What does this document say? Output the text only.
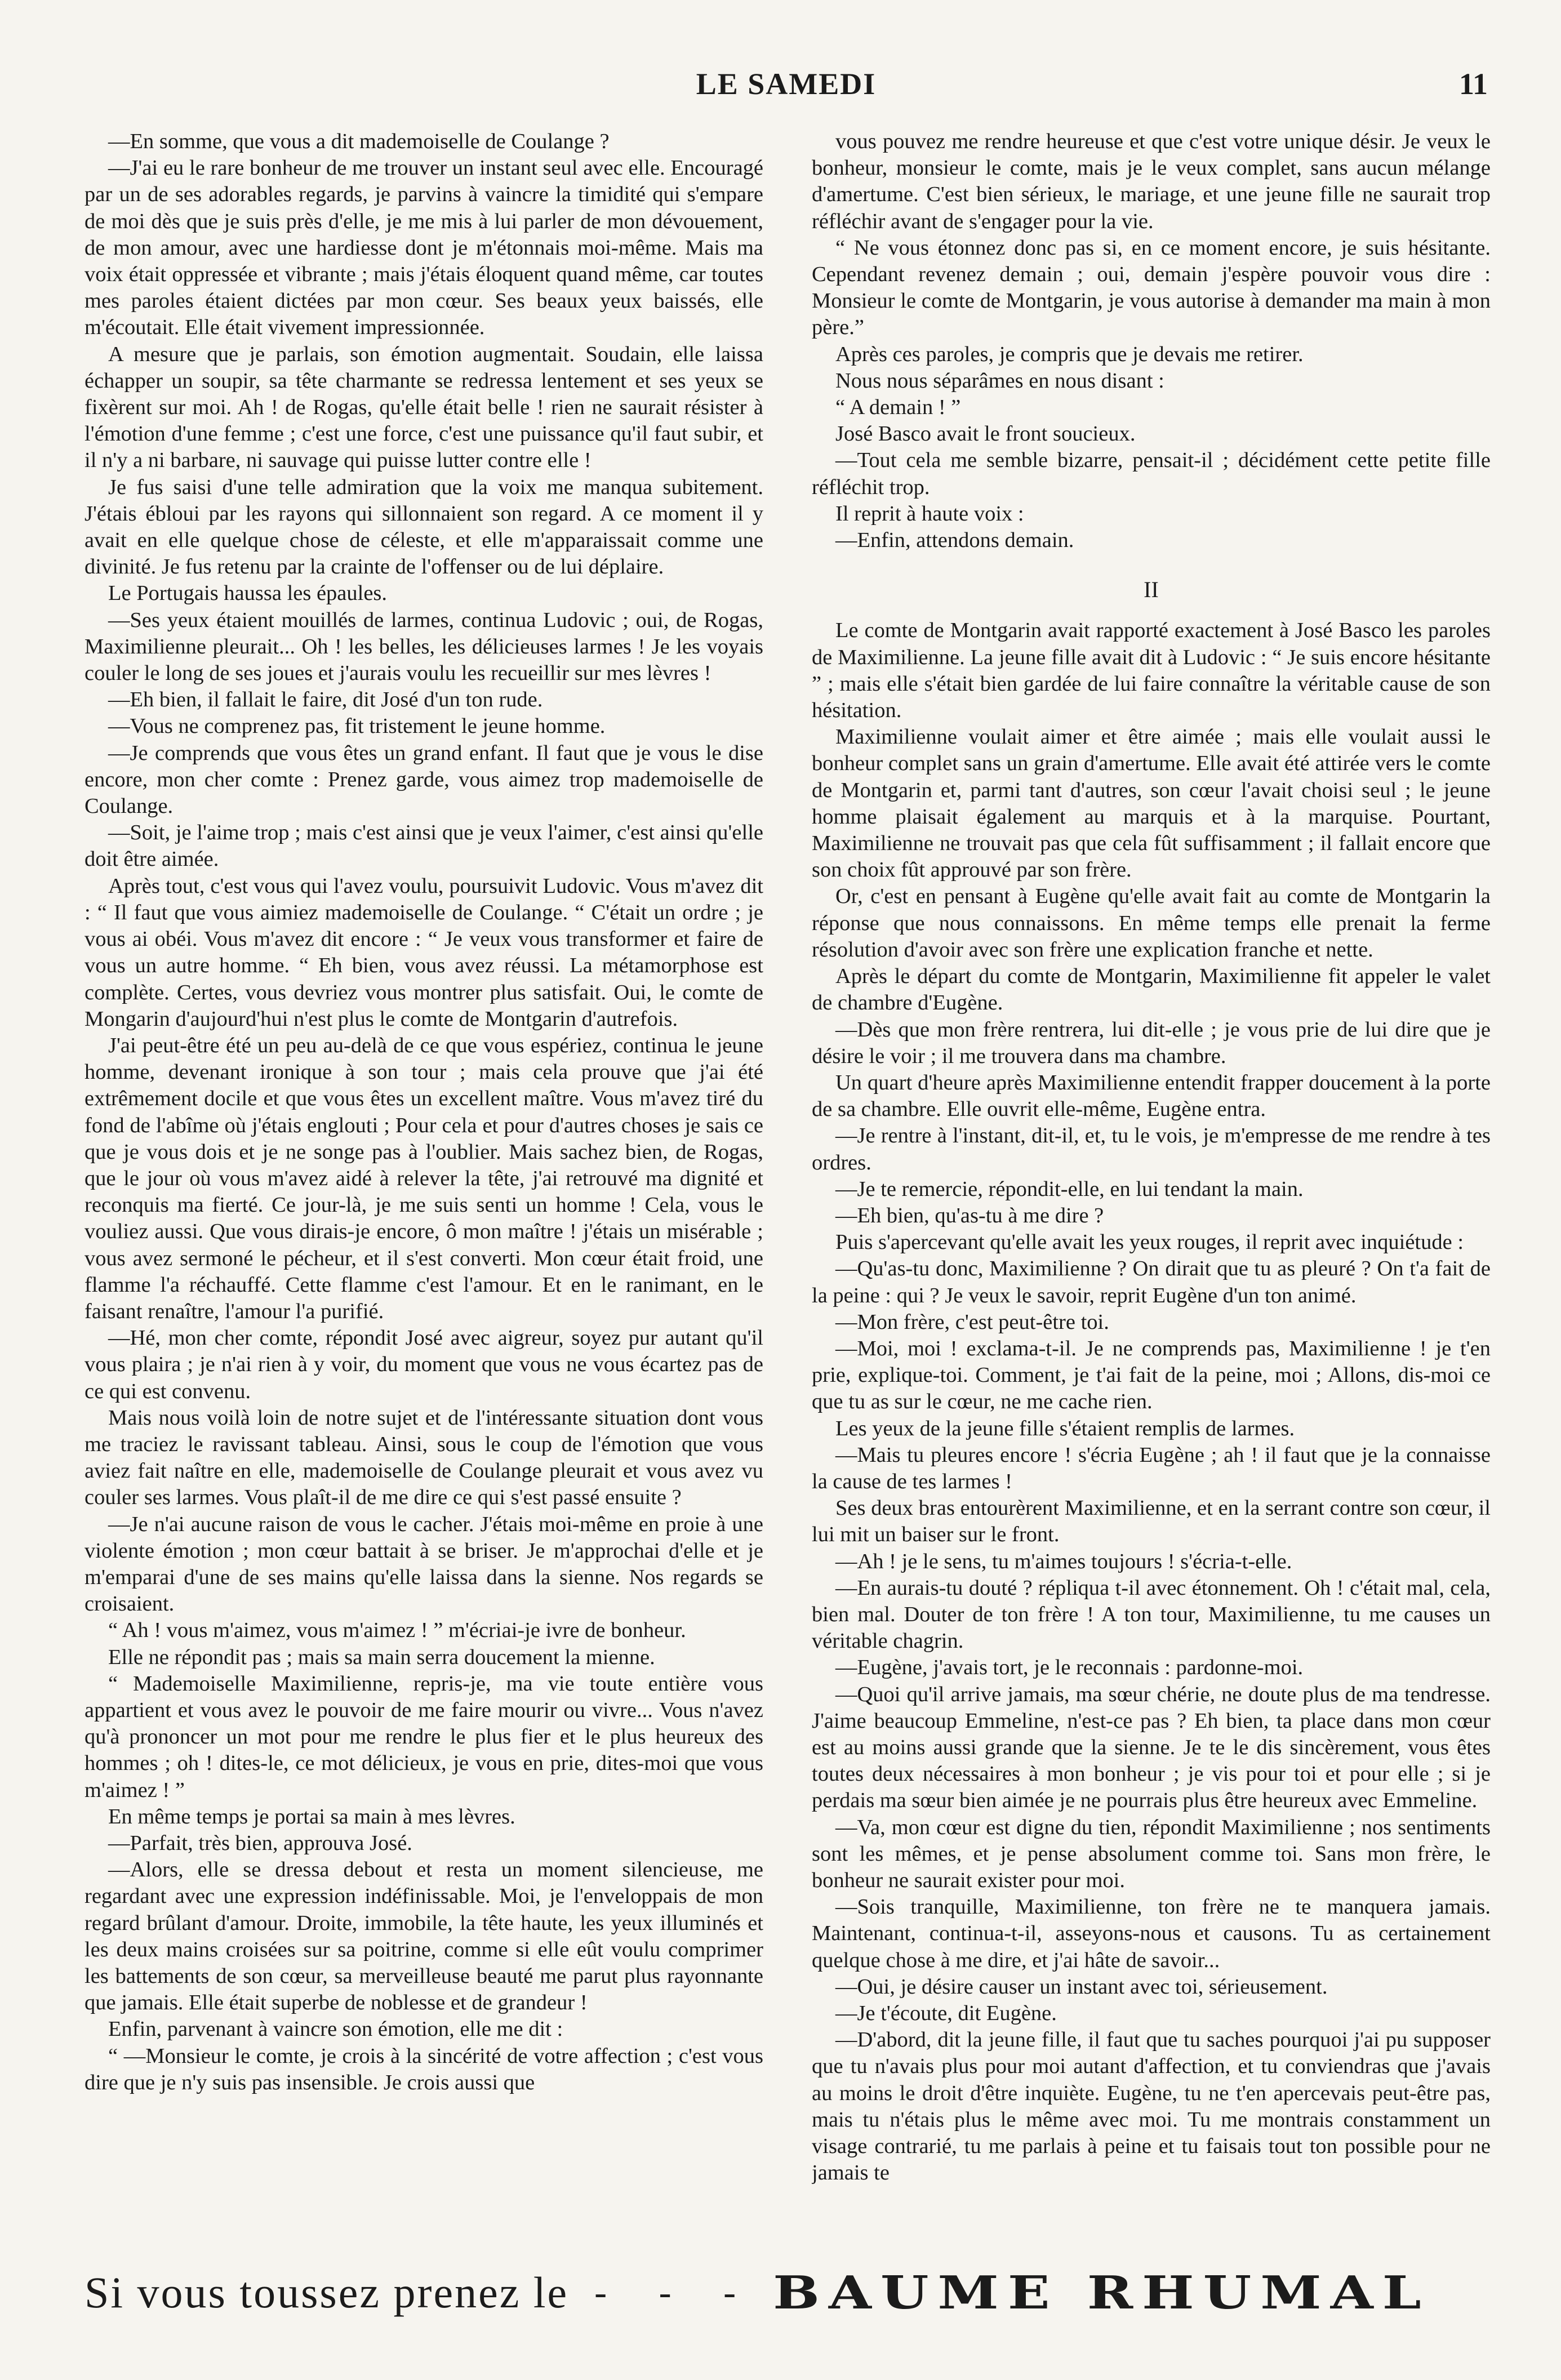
LE SAMEDI	11

—En somme, que vous a dit mademoiselle de Coulange ?

—J'ai eu le rare bonheur de me trouver un instant seul avec elle. Encouragé par un de ses adorables regards, je parvins à vaincre la timidité qui s'empare de moi dès que je suis près d'elle, je me mis à lui parler de mon dévouement, de mon amour, avec une hardiesse dont je m'étonnais moi-même. Mais ma voix était oppressée et vibrante ; mais j'étais éloquent quand même, car toutes mes paroles étaient dictées par mon cœur. Ses beaux yeux baissés, elle m'écoutait. Elle était vivement impressionnée.

A mesure que je parlais, son émotion augmentait. Soudain, elle laissa échapper un soupir, sa tête charmante se redressa lentement et ses yeux se fixèrent sur moi. Ah ! de Rogas, qu'elle était belle ! rien ne saurait résister à l'émotion d'une femme ; c'est une force, c'est une puissance qu'il faut subir, et il n'y a ni barbare, ni sauvage qui puisse lutter contre elle !

Je fus saisi d'une telle admiration que la voix me manqua subitement. J'étais ébloui par les rayons qui sillonnaient son regard. A ce moment il y avait en elle quelque chose de céleste, et elle m'apparaissait comme une divinité. Je fus retenu par la crainte de l'offenser ou de lui déplaire.

Le Portugais haussa les épaules.

—Ses yeux étaient mouillés de larmes, continua Ludovic ; oui, de Rogas, Maximilienne pleurait... Oh ! les belles, les délicieuses larmes ! Je les voyais couler le long de ses joues et j'aurais voulu les recueillir sur mes lèvres !

—Eh bien, il fallait le faire, dit José d'un ton rude.

—Vous ne comprenez pas, fit tristement le jeune homme.

—Je comprends que vous êtes un grand enfant. Il faut que je vous le dise encore, mon cher comte : Prenez garde, vous aimez trop mademoiselle de Coulange.

—Soit, je l'aime trop ; mais c'est ainsi que je veux l'aimer, c'est ainsi qu'elle doit être aimée.

Après tout, c'est vous qui l'avez voulu, poursuivit Ludovic. Vous m'avez dit : “ Il faut que vous aimiez mademoiselle de Coulange. “ C'était un ordre ; je vous ai obéi. Vous m'avez dit encore : “ Je veux vous transformer et faire de vous un autre homme. “ Eh bien, vous avez réussi. La métamorphose est complète. Certes, vous devriez vous montrer plus satisfait. Oui, le comte de Mongarin d'aujourd'hui n'est plus le comte de Montgarin d'autrefois.

J'ai peut-être été un peu au-delà de ce que vous espériez, continua le jeune homme, devenant ironique à son tour ; mais cela prouve que j'ai été extrêmement docile et que vous êtes un excellent maître. Vous m'avez tiré du fond de l'abîme où j'étais englouti ; Pour cela et pour d'autres choses je sais ce que je vous dois et je ne songe pas à l'oublier. Mais sachez bien, de Rogas, que le jour où vous m'avez aidé à relever la tête, j'ai retrouvé ma dignité et reconquis ma fierté. Ce jour-là, je me suis senti un homme ! Cela, vous le vouliez aussi. Que vous dirais-je encore, ô mon maître ! j'étais un misérable ; vous avez sermoné le pécheur, et il s'est converti. Mon cœur était froid, une flamme l'a réchauffé. Cette flamme c'est l'amour. Et en le ranimant, en le faisant renaître, l'amour l'a purifié.

—Hé, mon cher comte, répondit José avec aigreur, soyez pur autant qu'il vous plaira ; je n'ai rien à y voir, du moment que vous ne vous écartez pas de ce qui est convenu.

Mais nous voilà loin de notre sujet et de l'intéressante situation dont vous me traciez le ravissant tableau. Ainsi, sous le coup de l'émotion que vous aviez fait naître en elle, mademoiselle de Coulange pleurait et vous avez vu couler ses larmes. Vous plaît-il de me dire ce qui s'est passé ensuite ?

—Je n'ai aucune raison de vous le cacher. J'étais moi-même en proie à une violente émotion ; mon cœur battait à se briser. Je m'approchai d'elle et je m'emparai d'une de ses mains qu'elle laissa dans la sienne. Nos regards se croisaient.

“ Ah ! vous m'aimez, vous m'aimez ! ” m'écriai-je ivre de bonheur.

Elle ne répondit pas ; mais sa main serra doucement la mienne.

“ Mademoiselle Maximilienne, repris-je, ma vie toute entière vous appartient et vous avez le pouvoir de me faire mourir ou vivre... Vous n'avez qu'à prononcer un mot pour me rendre le plus fier et le plus heureux des hommes ; oh ! dites-le, ce mot délicieux, je vous en prie, dites-moi que vous m'aimez ! ”

En même temps je portai sa main à mes lèvres.

—Parfait, très bien, approuva José.

—Alors, elle se dressa debout et resta un moment silencieuse, me regardant avec une expression indéfinissable. Moi, je l'enveloppais de mon regard brûlant d'amour. Droite, immobile, la tête haute, les yeux illuminés et les deux mains croisées sur sa poitrine, comme si elle eût voulu comprimer les battements de son cœur, sa merveilleuse beauté me parut plus rayonnante que jamais. Elle était superbe de noblesse et de grandeur !

Enfin, parvenant à vaincre son émotion, elle me dit :

“ —Monsieur le comte, je crois à la sincérité de votre affection ; c'est vous dire que je n'y suis pas insensible. Je crois aussi que

vous pouvez me rendre heureuse et que c'est votre unique désir. Je veux le bonheur, monsieur le comte, mais je le veux complet, sans aucun mélange d'amertume. C'est bien sérieux, le mariage, et une jeune fille ne saurait trop réfléchir avant de s'engager pour la vie.

“ Ne vous étonnez donc pas si, en ce moment encore, je suis hésitante. Cependant revenez demain ; oui, demain j'espère pouvoir vous dire : Monsieur le comte de Montgarin, je vous autorise à demander ma main à mon père.”

Après ces paroles, je compris que je devais me retirer.

Nous nous séparâmes en nous disant :

“ A demain ! ”

José Basco avait le front soucieux.

—Tout cela me semble bizarre, pensait-il ; décidément cette petite fille réfléchit trop.

Il reprit à haute voix :

—Enfin, attendons demain.

II

Le comte de Montgarin avait rapporté exactement à José Basco les paroles de Maximilienne. La jeune fille avait dit à Ludovic : “ Je suis encore hésitante ” ; mais elle s'était bien gardée de lui faire connaître la véritable cause de son hésitation.

Maximilienne voulait aimer et être aimée ; mais elle voulait aussi le bonheur complet sans un grain d'amertume. Elle avait été attirée vers le comte de Montgarin et, parmi tant d'autres, son cœur l'avait choisi seul ; le jeune homme plaisait également au marquis et à la marquise. Pourtant, Maximilienne ne trouvait pas que cela fût suffisamment ; il fallait encore que son choix fût approuvé par son frère.

Or, c'est en pensant à Eugène qu'elle avait fait au comte de Montgarin la réponse que nous connaissons. En même temps elle prenait la ferme résolution d'avoir avec son frère une explication franche et nette.

Après le départ du comte de Montgarin, Maximilienne fit appeler le valet de chambre d'Eugène.

—Dès que mon frère rentrera, lui dit-elle ; je vous prie de lui dire que je désire le voir ; il me trouvera dans ma chambre.

Un quart d'heure après Maximilienne entendit frapper doucement à la porte de sa chambre. Elle ouvrit elle-même, Eugène entra.

—Je rentre à l'instant, dit-il, et, tu le vois, je m'empresse de me rendre à tes ordres.

—Je te remercie, répondit-elle, en lui tendant la main.

—Eh bien, qu'as-tu à me dire ?

Puis s'apercevant qu'elle avait les yeux rouges, il reprit avec inquiétude :

—Qu'as-tu donc, Maximilienne ? On dirait que tu as pleuré ? On t'a fait de la peine : qui ? Je veux le savoir, reprit Eugène d'un ton animé.

—Mon frère, c'est peut-être toi.

—Moi, moi ! exclama-t-il. Je ne comprends pas, Maximilienne ! je t'en prie, explique-toi. Comment, je t'ai fait de la peine, moi ; Allons, dis-moi ce que tu as sur le cœur, ne me cache rien.

Les yeux de la jeune fille s'étaient remplis de larmes.

—Mais tu pleures encore ! s'écria Eugène ; ah ! il faut que je la connaisse la cause de tes larmes !

Ses deux bras entourèrent Maximilienne, et en la serrant contre son cœur, il lui mit un baiser sur le front.

—Ah ! je le sens, tu m'aimes toujours ! s'écria-t-elle.

—En aurais-tu douté ? répliqua t-il avec étonnement. Oh ! c'était mal, cela, bien mal. Douter de ton frère ! A ton tour, Maximilienne, tu me causes un véritable chagrin.

—Eugène, j'avais tort, je le reconnais : pardonne-moi.

—Quoi qu'il arrive jamais, ma sœur chérie, ne doute plus de ma tendresse. J'aime beaucoup Emmeline, n'est-ce pas ? Eh bien, ta place dans mon cœur est au moins aussi grande que la sienne. Je te le dis sincèrement, vous êtes toutes deux nécessaires à mon bonheur ; je vis pour toi et pour elle ; si je perdais ma sœur bien aimée je ne pourrais plus être heureux avec Emmeline.

—Va, mon cœur est digne du tien, répondit Maximilienne ; nos sentiments sont les mêmes, et je pense absolument comme toi. Sans mon frère, le bonheur ne saurait exister pour moi.

—Sois tranquille, Maximilienne, ton frère ne te manquera jamais. Maintenant, continua-t-il, asseyons-nous et causons. Tu as certainement quelque chose à me dire, et j'ai hâte de savoir...

—Oui, je désire causer un instant avec toi, sérieusement.

—Je t'écoute, dit Eugène.

—D'abord, dit la jeune fille, il faut que tu saches pourquoi j'ai pu supposer que tu n'avais plus pour moi autant d'affection, et tu conviendras que j'avais au moins le droit d'être inquiète. Eugène, tu ne t'en apercevais peut-être pas, mais tu n'étais plus le même avec moi. Tu me montrais constamment un visage contrarié, tu me parlais à peine et tu faisais tout ton possible pour ne jamais te

Si vous toussez prenez le - - - BAUME RHUMAL
